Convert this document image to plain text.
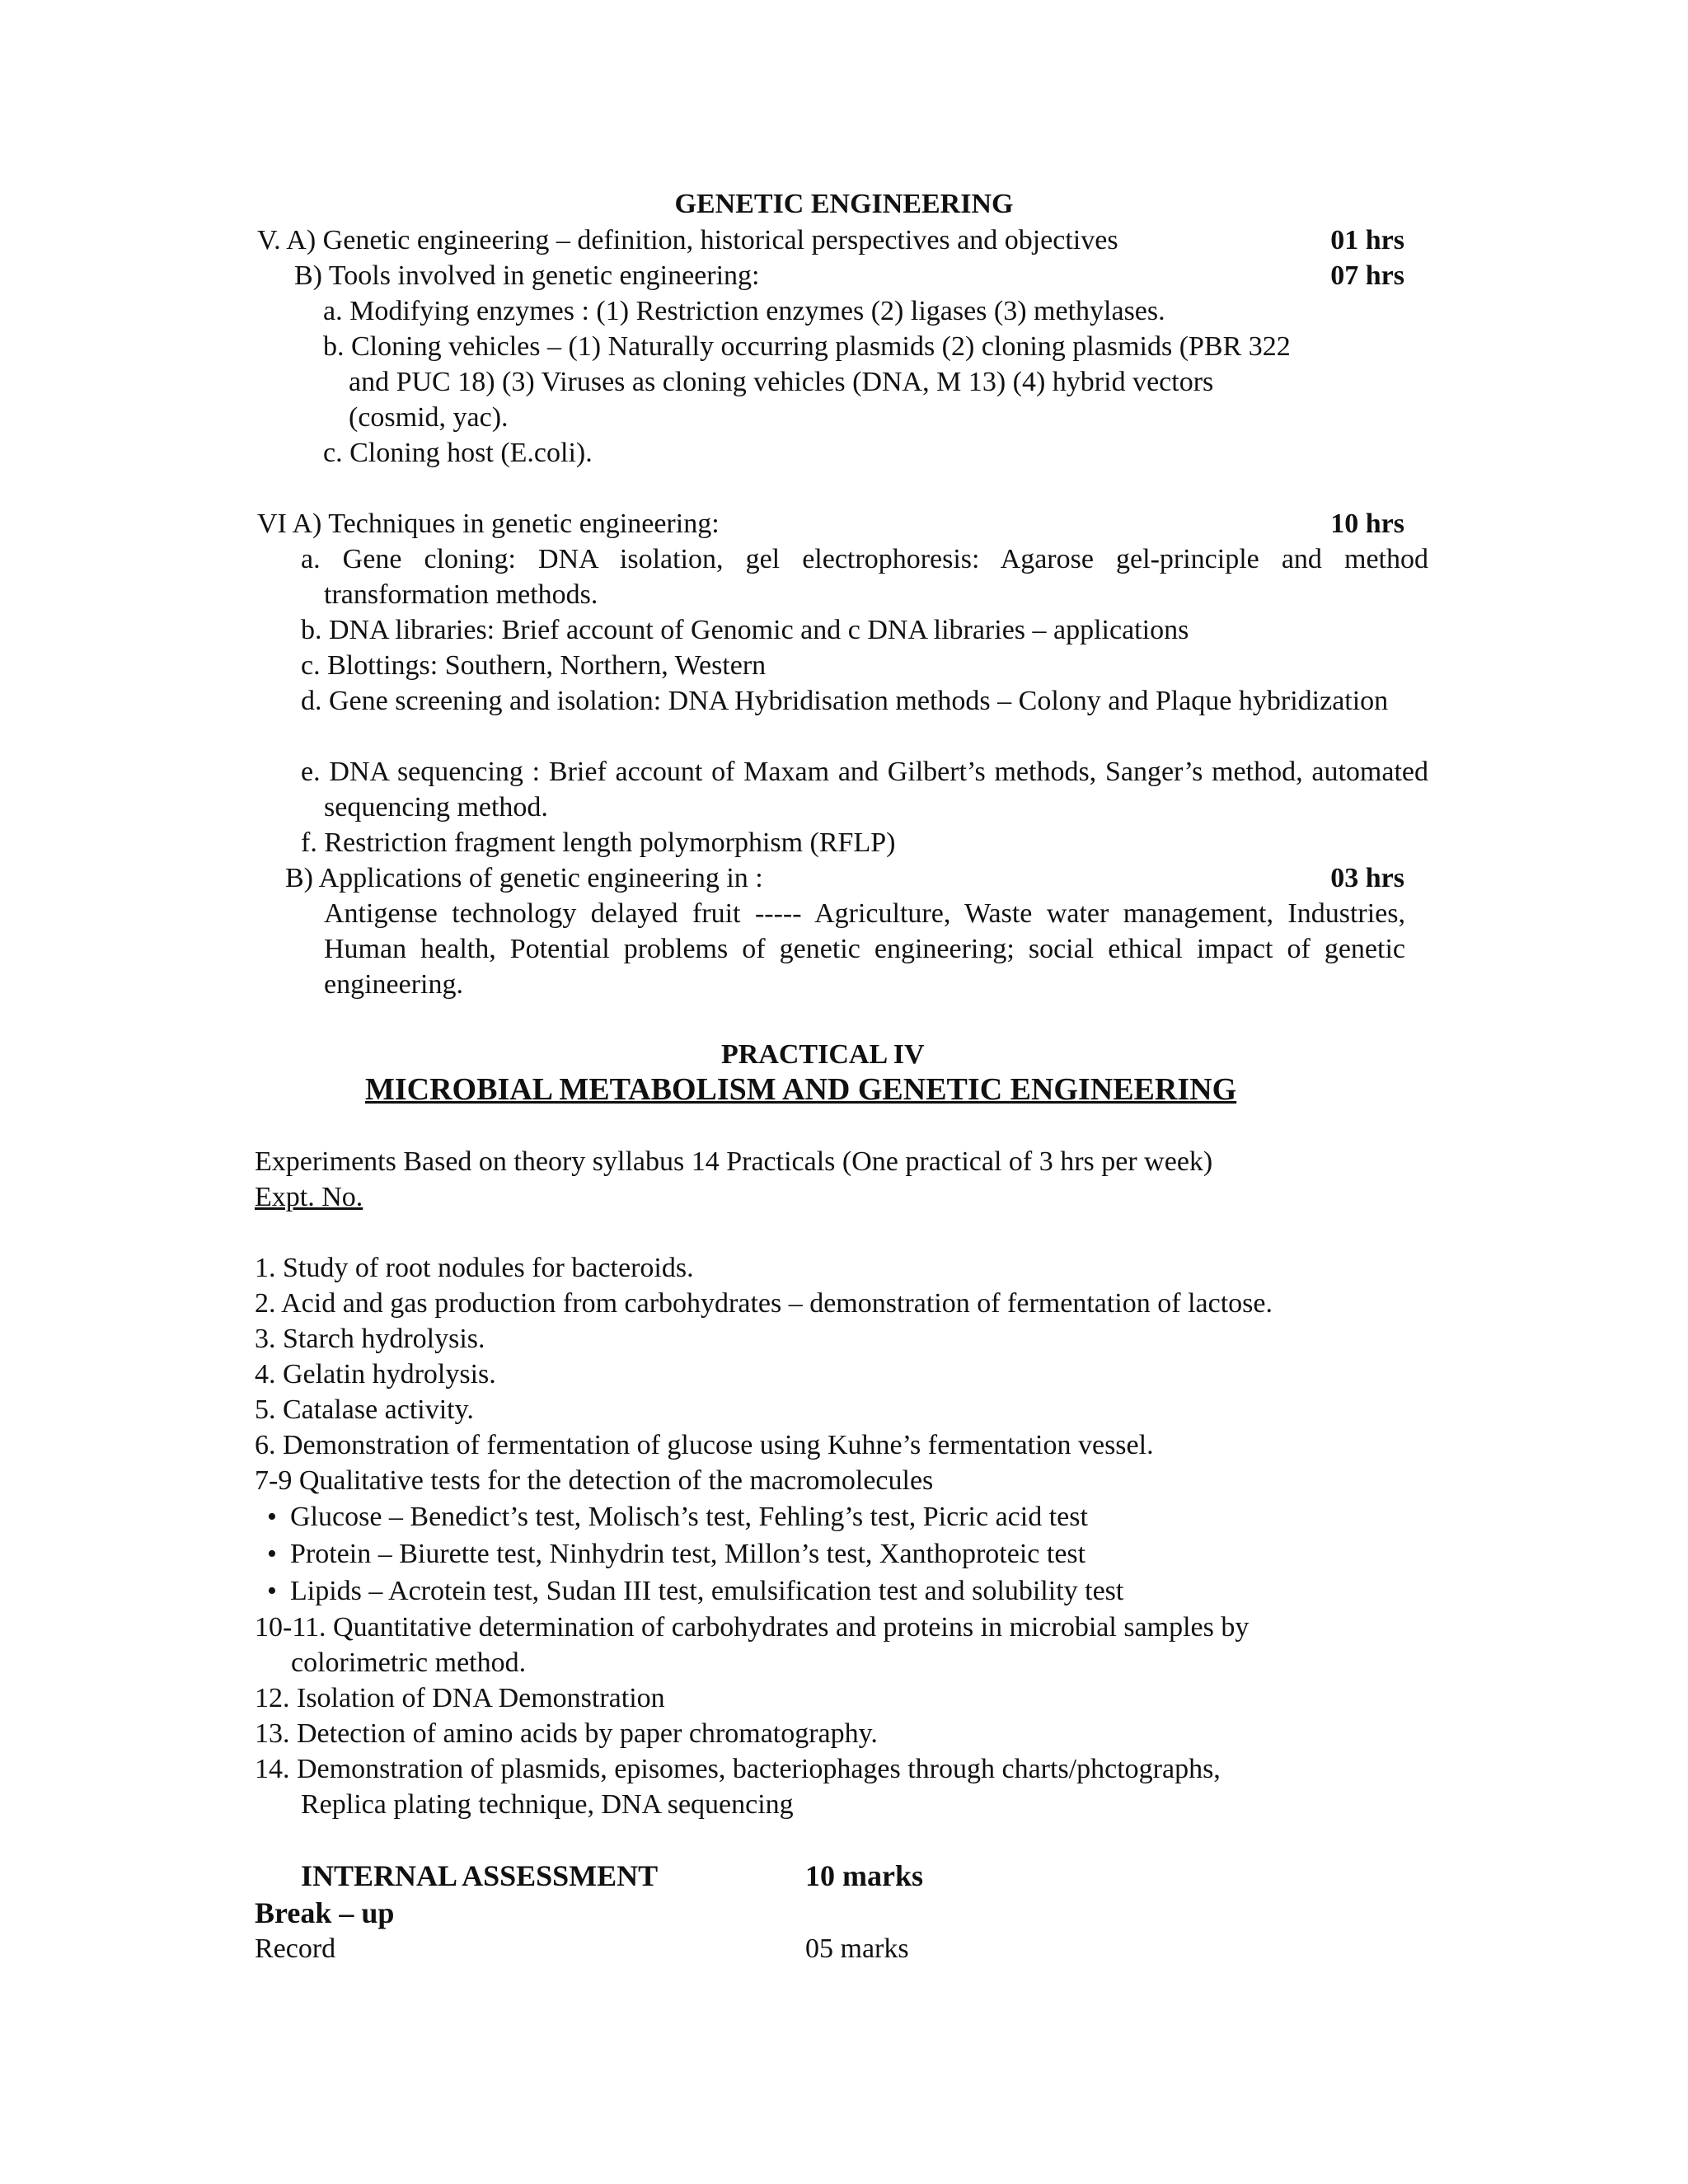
GENETIC ENGINEERING
V. A) Genetic engineering – definition, historical perspectives and objectives	01 hrs
B) Tools involved in genetic engineering:	07 hrs
a. Modifying enzymes : (1) Restriction enzymes (2) ligases (3) methylases.
b. Cloning vehicles – (1) Naturally occurring plasmids (2) cloning plasmids (PBR 322
and PUC 18) (3) Viruses as cloning vehicles (DNA, M 13) (4) hybrid vectors
(cosmid, yac).
c. Cloning host (E.coli).
VI A) Techniques in genetic engineering:	10 hrs
a. Gene cloning: DNA isolation, gel electrophoresis: Agarose gel-principle and method transformation methods.
b. DNA libraries: Brief account of Genomic and c DNA libraries – applications
c. Blottings: Southern, Northern, Western
d. Gene screening and isolation: DNA Hybridisation methods – Colony and Plaque hybridization
e. DNA sequencing : Brief account of Maxam and Gilbert’s methods, Sanger’s method, automated sequencing method.
f. Restriction fragment length polymorphism (RFLP)
B) Applications of genetic engineering in :	03 hrs
Antigense technology delayed fruit ----- Agriculture, Waste water management, Industries, Human health, Potential problems of genetic engineering; social ethical impact of genetic engineering.
PRACTICAL IV
MICROBIAL METABOLISM AND GENETIC ENGINEERING
Experiments Based on theory syllabus 14 Practicals (One practical of 3 hrs per week)
Expt. No.
1. Study of root nodules for bacteroids.
2. Acid and gas production from carbohydrates – demonstration of fermentation of lactose.
3. Starch hydrolysis.
4. Gelatin hydrolysis.
5. Catalase activity.
6. Demonstration of fermentation of glucose using Kuhne’s fermentation vessel.
7-9 Qualitative tests for the detection of the macromolecules
• Glucose – Benedict’s test, Molisch’s test, Fehling’s test, Picric acid test
• Protein – Biurette test, Ninhydrin test, Millon’s test, Xanthoproteic test
• Lipids – Acrotein test, Sudan III test, emulsification test and solubility test
10-11. Quantitative determination of carbohydrates and proteins in microbial samples by
colorimetric method.
12. Isolation of DNA Demonstration
13. Detection of amino acids by paper chromatography.
14. Demonstration of plasmids, episomes, bacteriophages through charts/phctographs,
Replica plating technique, DNA sequencing
INTERNAL ASSESSMENT	10 marks
Break – up
Record	05 marks
